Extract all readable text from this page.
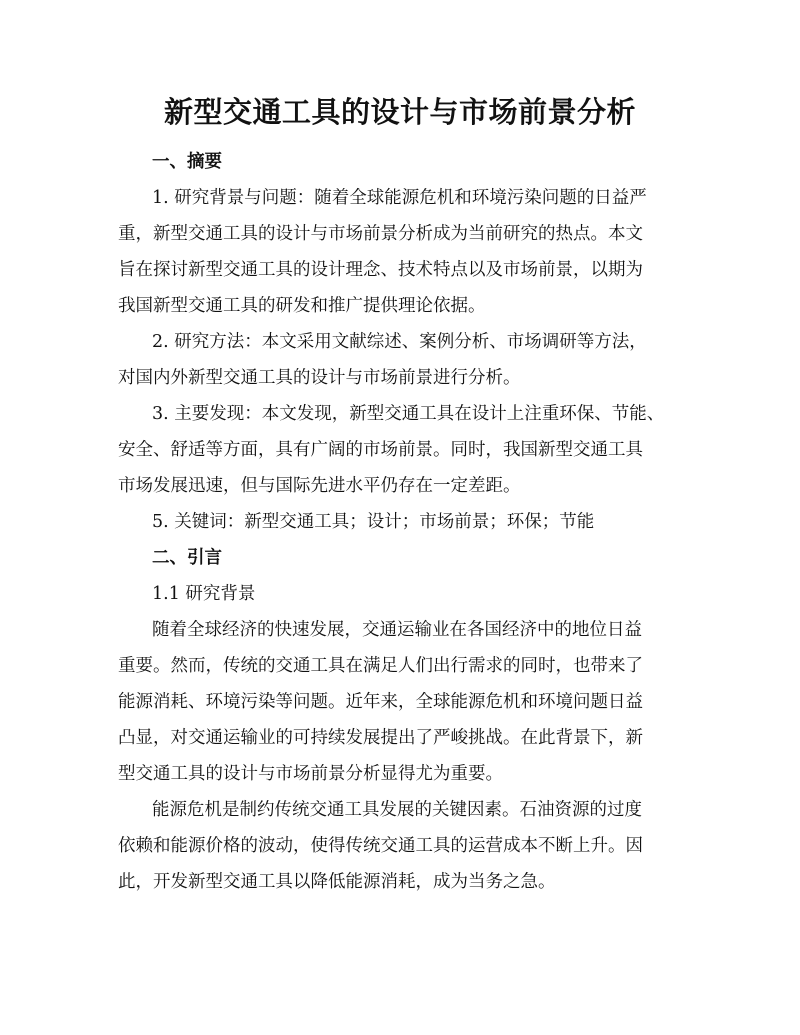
新型交通工具的设计与市场前景分析
一、摘要
1. 研究背景与问题：随着全球能源危机和环境污染问题的日益严
重，新型交通工具的设计与市场前景分析成为当前研究的热点。本文
旨在探讨新型交通工具的设计理念、技术特点以及市场前景，以期为
我国新型交通工具的研发和推广提供理论依据。
2. 研究方法：本文采用文献综述、案例分析、市场调研等方法，
对国内外新型交通工具的设计与市场前景进行分析。
3. 主要发现：本文发现，新型交通工具在设计上注重环保、节能、
安全、舒适等方面，具有广阔的市场前景。同时，我国新型交通工具
市场发展迅速，但与国际先进水平仍存在一定差距。
5. 关键词：新型交通工具；设计；市场前景；环保；节能
二、引言
1.1 研究背景
随着全球经济的快速发展，交通运输业在各国经济中的地位日益
重要。然而，传统的交通工具在满足人们出行需求的同时，也带来了
能源消耗、环境污染等问题。近年来，全球能源危机和环境问题日益
凸显，对交通运输业的可持续发展提出了严峻挑战。在此背景下，新
型交通工具的设计与市场前景分析显得尤为重要。
能源危机是制约传统交通工具发展的关键因素。石油资源的过度
依赖和能源价格的波动，使得传统交通工具的运营成本不断上升。因
此，开发新型交通工具以降低能源消耗，成为当务之急。
